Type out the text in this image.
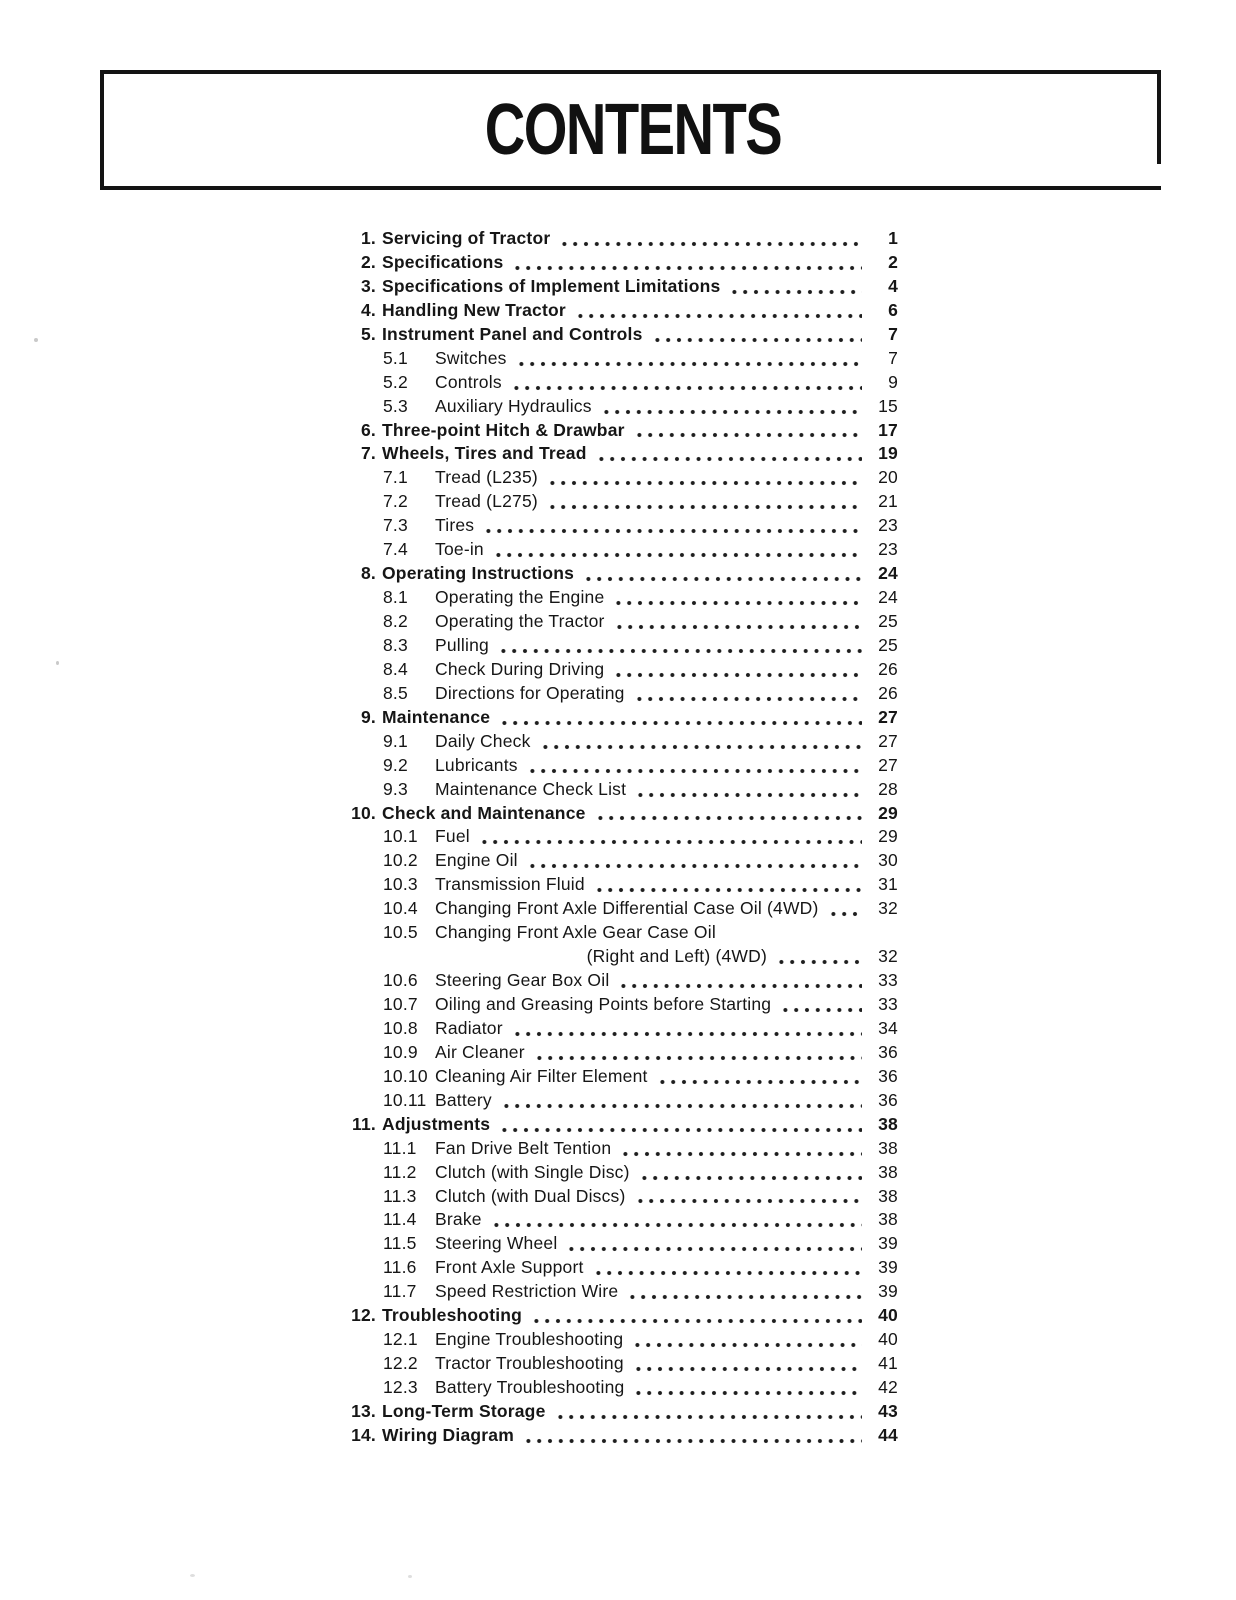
CONTENTS
1. Servicing of Tractor	1
2. Specifications	2
3. Specifications of Implement Limitations	4
4. Handling New Tractor	6
5. Instrument Panel and Controls	7
5.1	Switches	7
5.2	Controls	9
5.3	Auxiliary Hydraulics	15
6. Three-point Hitch & Drawbar	17
7. Wheels, Tires and Tread	19
7.1	Tread (L235)	20
7.2	Tread (L275)	21
7.3	Tires	23
7.4	Toe-in	23
8. Operating Instructions	24
8.1	Operating the Engine	24
8.2	Operating the Tractor	25
8.3	Pulling	25
8.4	Check During Driving	26
8.5	Directions for Operating	26
9. Maintenance	27
9.1	Daily Check	27
9.2	Lubricants	27
9.3	Maintenance Check List	28
10. Check and Maintenance	29
10.1 Fuel	29
10.2 Engine Oil	30
10.3 Transmission Fluid	31
10.4 Changing Front Axle Differential Case Oil (4WD)	32
10.5 Changing Front Axle Gear Case Oil
(Right and Left) (4WD)	32
10.6 Steering Gear Box Oil	33
10.7 Oiling and Greasing Points before Starting	33
10.8 Radiator	34
10.9 Air Cleaner	36
10.10 Cleaning Air Filter Element	36
10.11 Battery	36
11. Adjustments	38
11.1	Fan Drive Belt Tention	38
11.2	Clutch (with Single Disc)	38
11.3	Clutch (with Dual Discs)	38
11.4	Brake	38
11.5	Steering Wheel	39
11.6	Front Axle Support	39
11.7	Speed Restriction Wire	39
12. Troubleshooting	40
12.1 Engine Troubleshooting	40
12.2 Tractor Troubleshooting	41
12.3 Battery Troubleshooting	42
13. Long-Term Storage	43
14. Wiring Diagram	44
